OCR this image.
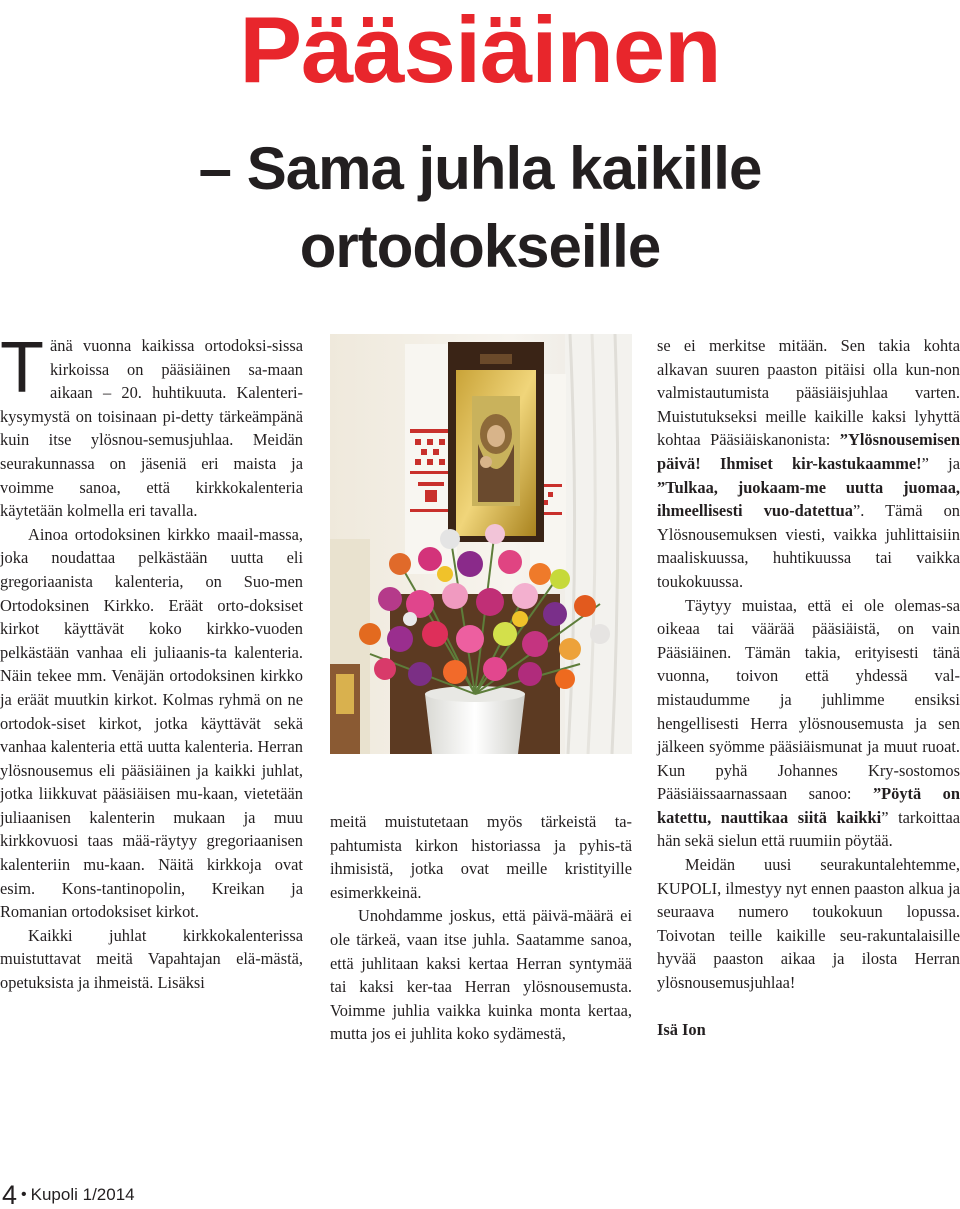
Pääsiäinen
– Sama juhla kaikille
ortodokseille

Tänä vuonna kaikissa ortodoksi-sissa kirkoissa on pääsiäinen sa-maan aikaan – 20. huhtikuuta. Kalenteri-kysymystä on toisinaan pi-detty tärkeämpänä kuin itse ylösnou-semusjuhlaa. Meidän seurakunnassa on jäseniä eri maista ja voimme sanoa, että kirkkokalenteria käytetään kolmella eri tavalla.

Ainoa ortodoksinen kirkko maail-massa, joka noudattaa pelkästään uutta eli gregoriaanista kalenteria, on Suo-men Ortodoksinen Kirkko. Eräät orto-doksiset kirkot käyttävät koko kirkko-vuoden pelkästään vanhaa eli juliaanis-ta kalenteria. Näin tekee mm. Venäjän ortodoksinen kirkko ja eräät muutkin kirkot. Kolmas ryhmä on ne ortodok-siset kirkot, jotka käyttävät sekä vanhaa kalenteria että uutta kalenteria. Herran ylösnousemus eli pääsiäinen ja kaikki juhlat, jotka liikkuvat pääsiäisen mu-kaan, vietetään juliaanisen kalenterin mukaan ja muu kirkkovuosi taas mää-räytyy gregoriaanisen kalenteriin mu-kaan. Näitä kirkkoja ovat esim. Kons-tantinopolin, Kreikan ja Romanian ortodoksiset kirkot.

Kaikki juhlat kirkkokalenterissa muistuttavat meitä Vapahtajan elä-mästä, opetuksista ja ihmeistä. Lisäksi

meitä muistutetaan myös tärkeistä ta-pahtumista kirkon historiassa ja pyhis-tä ihmisistä, jotka ovat meille kristityille esimerkkeinä.

Unohdamme joskus, että päivä-määrä ei ole tärkeä, vaan itse juhla. Saatamme sanoa, että juhlitaan kaksi kertaa Herran syntymää tai kaksi ker-taa Herran ylösnousemusta. Voimme juhlia vaikka kuinka monta kertaa, mutta jos ei juhlita koko sydämestä,

se ei merkitse mitään. Sen takia kohta alkavan suuren paaston pitäisi olla kun-non valmistautumista pääsiäisjuhlaa varten. Muistutukseksi meille kaikille kaksi lyhyttä kohtaa Pääsiäiskanonista: ”Ylösnousemisen päivä! Ihmiset kir-kastukaamme!” ja ”Tulkaa, juokaam-me uutta juomaa, ihmeellisesti vuo-datettua”. Tämä on Ylösnousemuksen viesti, vaikka juhlittaisiin maaliskuussa, huhtikuussa tai vaikka toukokuussa.

Täytyy muistaa, että ei ole olemas-sa oikeaa tai väärää pääsiäistä, on vain Pääsiäinen. Tämän takia, erityisesti tänä vuonna, toivon että yhdessä val-mistaudumme ja juhlimme ensiksi hengellisesti Herra ylösnousemusta ja sen jälkeen syömme pääsiäismunat ja muut ruoat. Kun pyhä Johannes Kry-sostomos Pääsiäissaarnassaan sanoo: ”Pöytä on katettu, nauttikaa siitä kaikki” tarkoittaa hän sekä sielun että ruumiin pöytää.

Meidän uusi seurakuntalehtemme, KUPOLI, ilmestyy nyt ennen paaston alkua ja seuraava numero toukokuun lopussa. Toivotan teille kaikille seu-rakuntalaisille hyvää paaston aikaa ja ilosta Herran ylösnousemusjuhlaa!

Isä Ion

4 • Kupoli 1/2014
